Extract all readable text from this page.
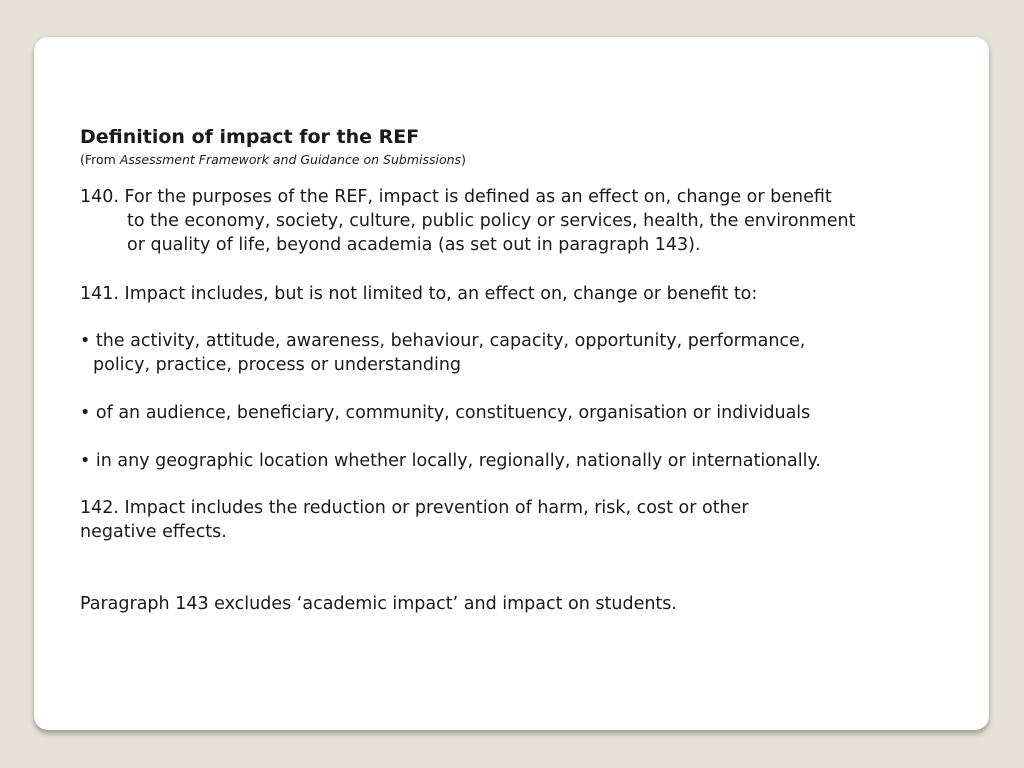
Definition of impact for the REF
(From Assessment Framework and Guidance on Submissions)
140. For the purposes of the REF, impact is defined as an effect on, change or benefit
to the economy, society, culture, public policy or services, health, the environment
or quality of life, beyond academia (as set out in paragraph 143).
141. Impact includes, but is not limited to, an effect on, change or benefit to:
• the activity, attitude, awareness, behaviour, capacity, opportunity, performance,
policy, practice, process or understanding
• of an audience, beneficiary, community, constituency, organisation or individuals
• in any geographic location whether locally, regionally, nationally or internationally.
142. Impact includes the reduction or prevention of harm, risk, cost or other
negative effects.
Paragraph 143 excludes ‘academic impact’ and impact on students.
